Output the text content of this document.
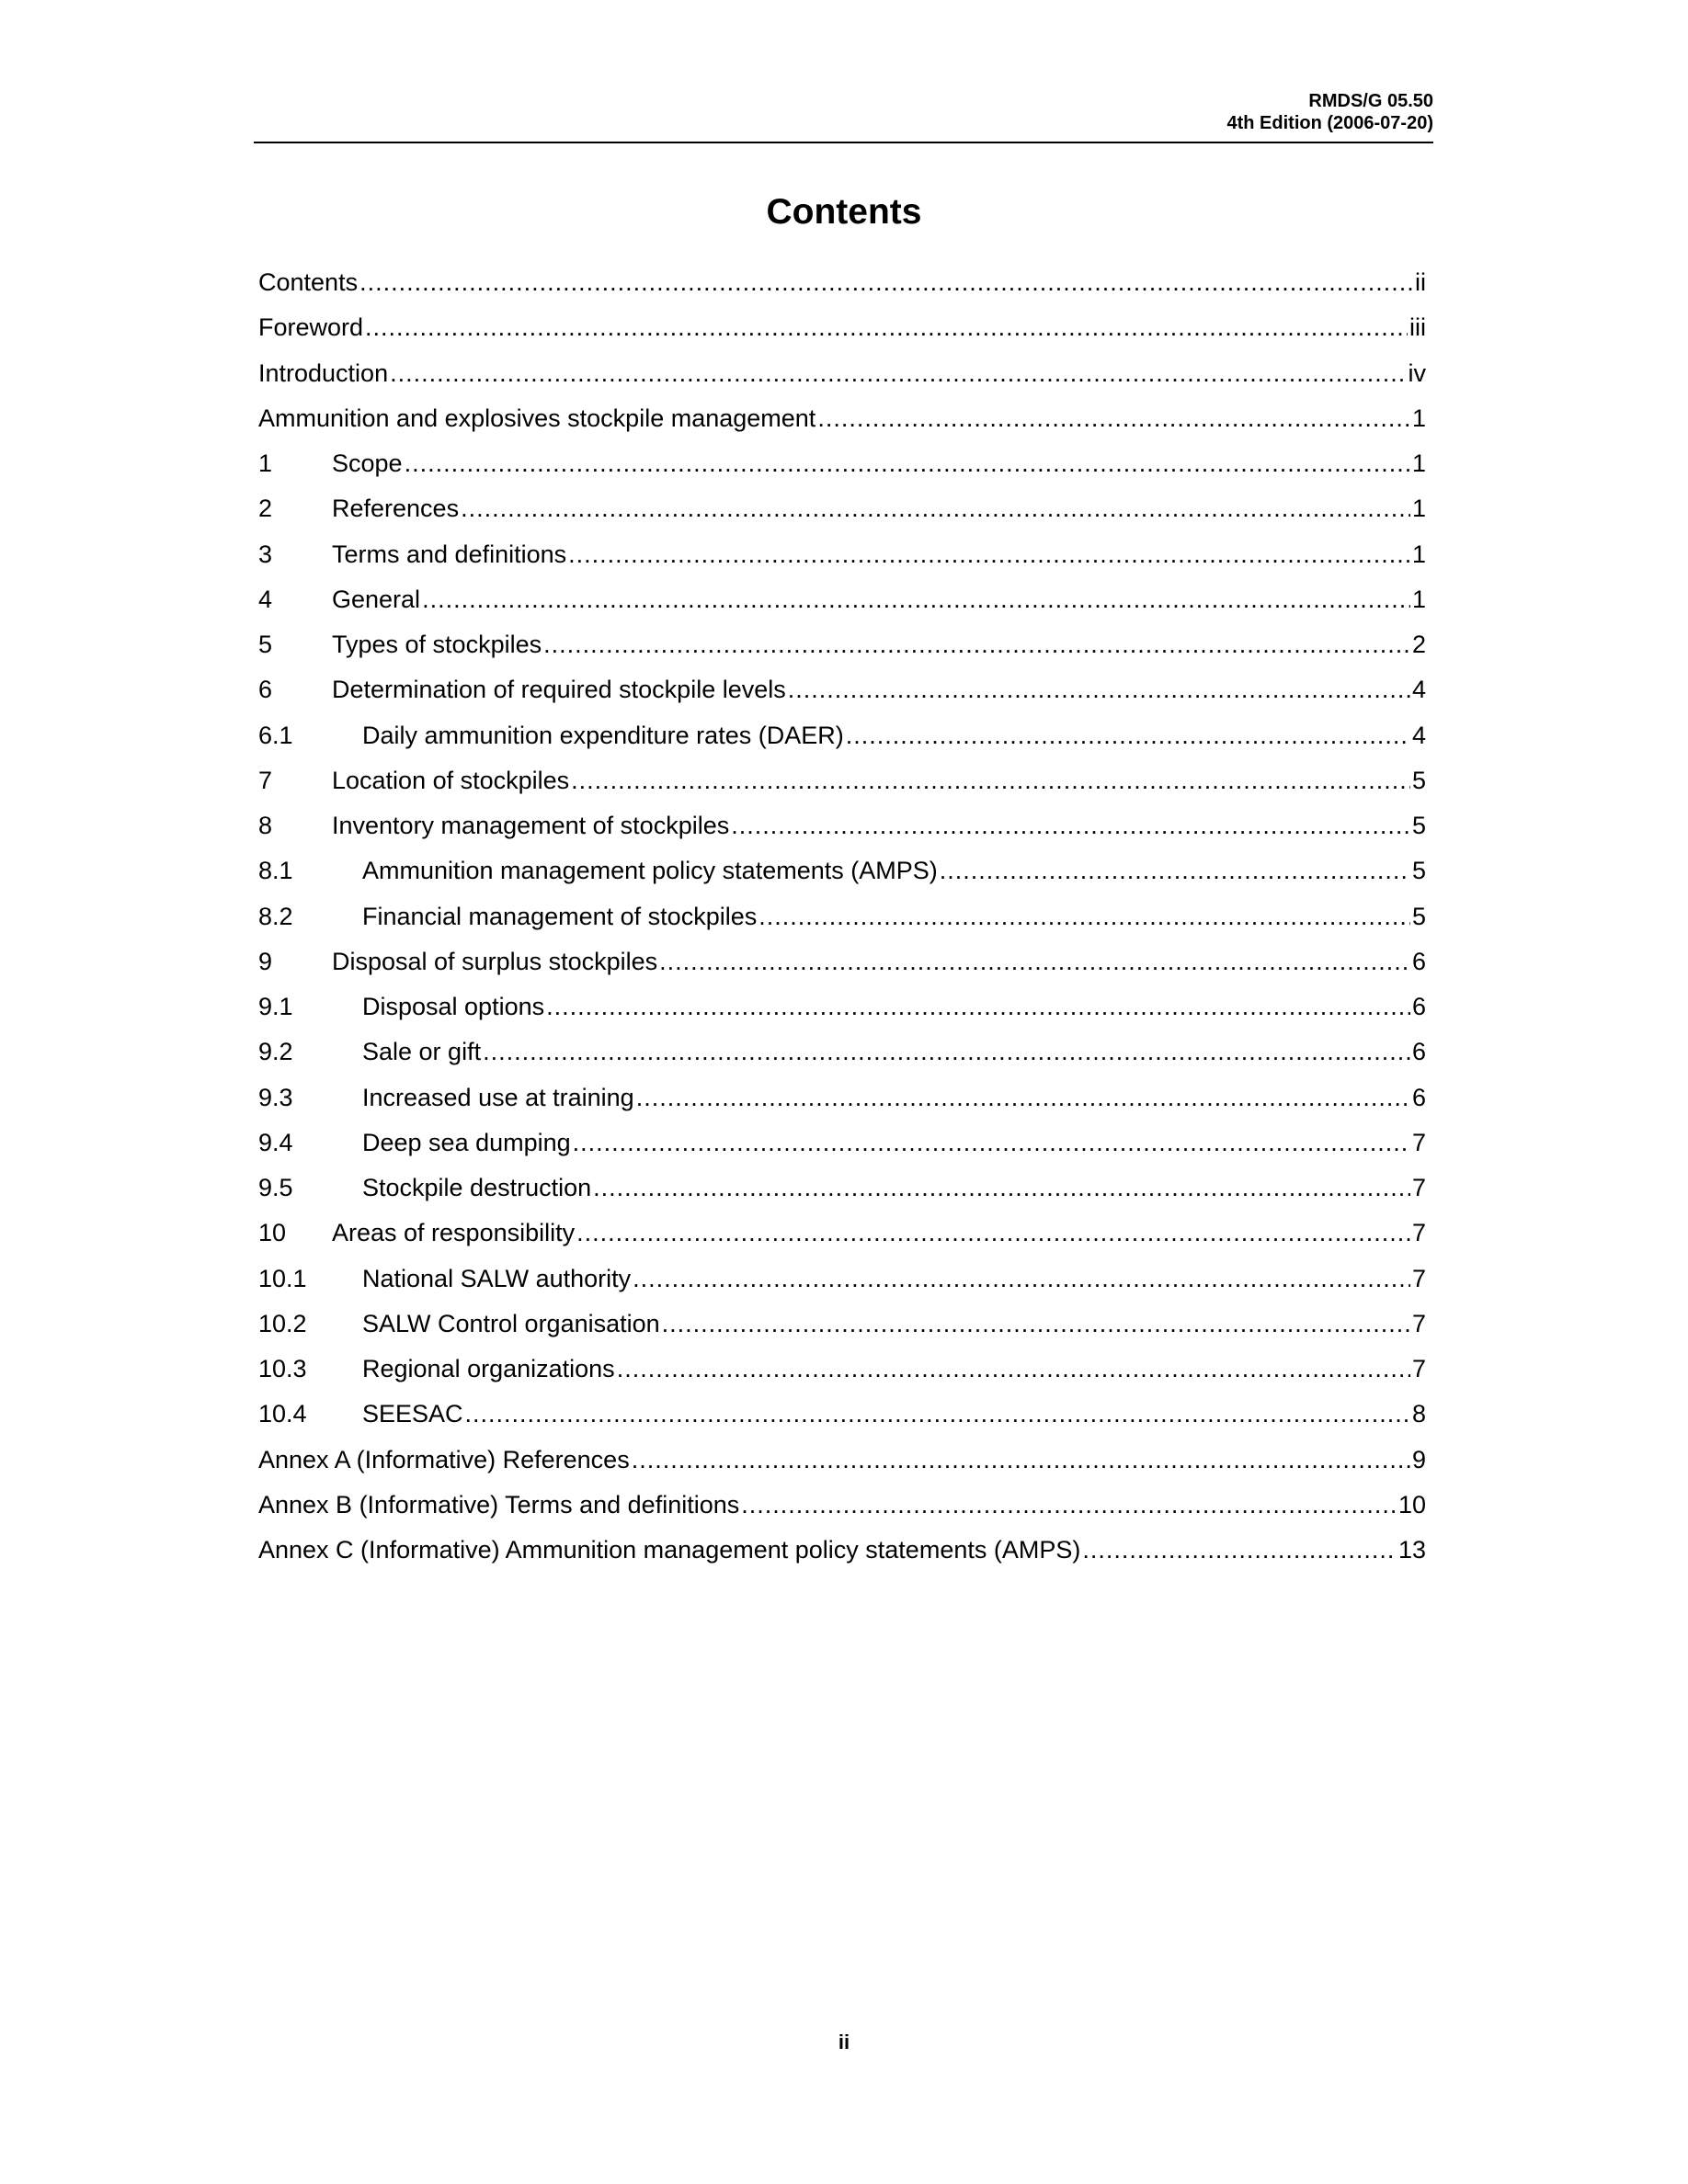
RMDS/G 05.50
4th Edition (2006-07-20)
Contents
Contents .....	ii
Foreword .....	iii
Introduction .....	iv
Ammunition and explosives stockpile management .....	1
1	Scope .....	1
2	References .....	1
3	Terms and definitions .....	1
4	General .....	1
5	Types of stockpiles .....	2
6	Determination of required stockpile levels .....	4
6.1	Daily ammunition expenditure rates (DAER) .....	4
7	Location of stockpiles .....	5
8	Inventory management of stockpiles .....	5
8.1	Ammunition management policy statements (AMPS) .....	5
8.2	Financial management of stockpiles .....	5
9	Disposal of surplus stockpiles .....	6
9.1	Disposal options .....	6
9.2	Sale or gift .....	6
9.3	Increased use at training .....	6
9.4	Deep sea dumping .....	7
9.5	Stockpile destruction .....	7
10	Areas of responsibility .....	7
10.1	National SALW authority .....	7
10.2	SALW Control organisation .....	7
10.3	Regional organizations .....	7
10.4	SEESAC .....	8
Annex A (Informative) References .....	9
Annex B (Informative) Terms and definitions .....	10
Annex C (Informative) Ammunition management policy statements (AMPS) .....	13
ii
